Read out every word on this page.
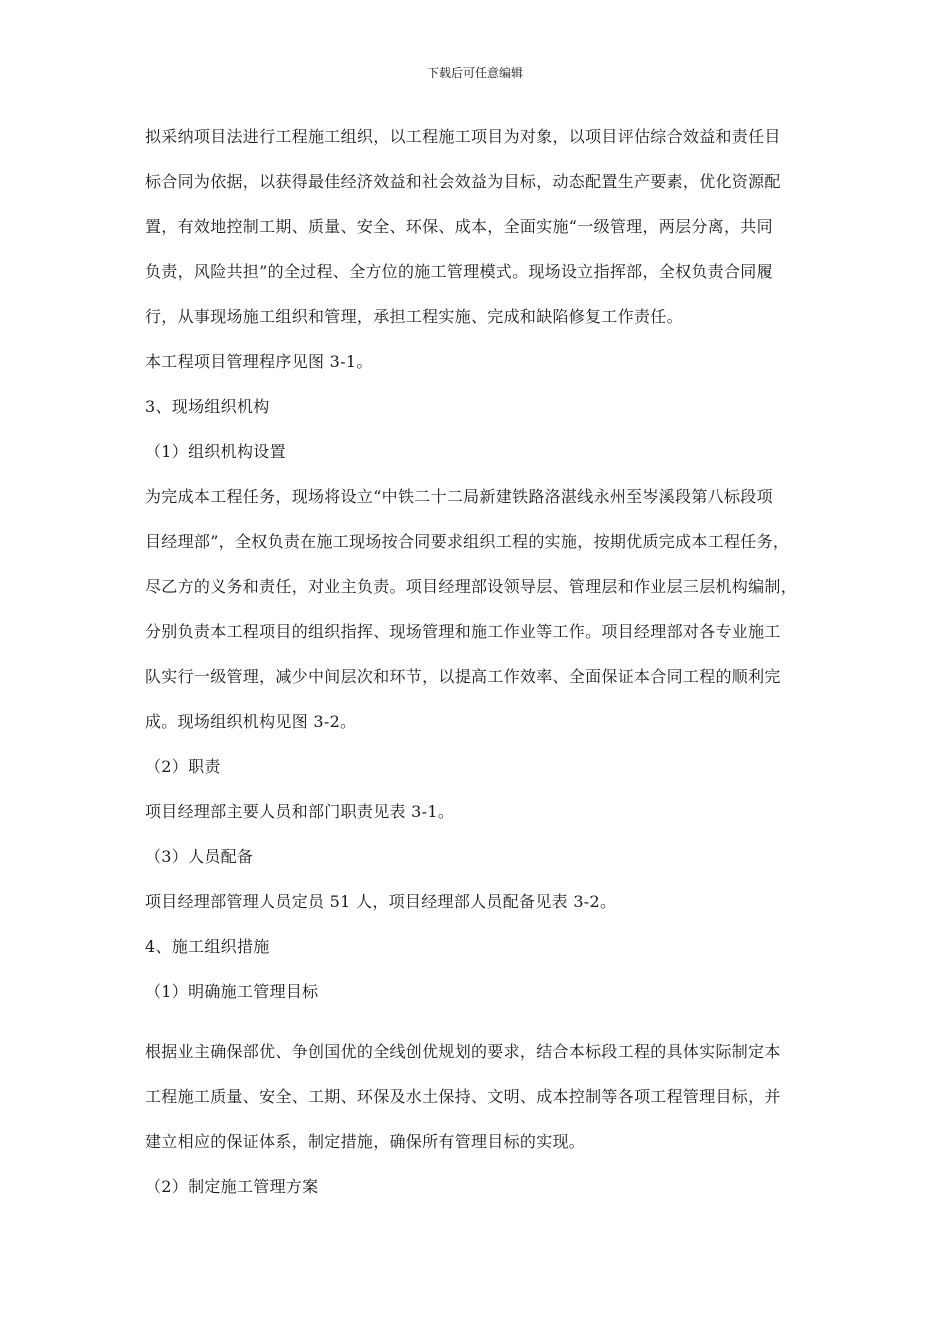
下载后可任意编辑

拟采纳项目法进行工程施工组织，以工程施工项目为对象，以项目评估综合效益和责任目

标合同为依据，以获得最佳经济效益和社会效益为目标，动态配置生产要素，优化资源配

置，有效地控制工期、质量、安全、环保、成本，全面实施“一级管理，两层分离，共同

负责，风险共担”的全过程、全方位的施工管理模式。现场设立指挥部，全权负责合同履

行，从事现场施工组织和管理，承担工程实施、完成和缺陷修复工作责任。

本工程项目管理程序见图 3-1。

3、现场组织机构

（1）组织机构设置

为完成本工程任务，现场将设立“中铁二十二局新建铁路洛湛线永州至岑溪段第八标段项

目经理部”，全权负责在施工现场按合同要求组织工程的实施，按期优质完成本工程任务，

尽乙方的义务和责任，对业主负责。项目经理部设领导层、管理层和作业层三层机构编制，

分别负责本工程项目的组织指挥、现场管理和施工作业等工作。项目经理部对各专业施工

队实行一级管理，减少中间层次和环节，以提高工作效率、全面保证本合同工程的顺利完

成。现场组织机构见图 3-2。

（2）职责

项目经理部主要人员和部门职责见表 3-1。

（3）人员配备

项目经理部管理人员定员 51 人，项目经理部人员配备见表 3-2。

4、施工组织措施

（1）明确施工管理目标

根据业主确保部优、争创国优的全线创优规划的要求，结合本标段工程的具体实际制定本

工程施工质量、安全、工期、环保及水土保持、文明、成本控制等各项工程管理目标，并

建立相应的保证体系，制定措施，确保所有管理目标的实现。

（2）制定施工管理方案
